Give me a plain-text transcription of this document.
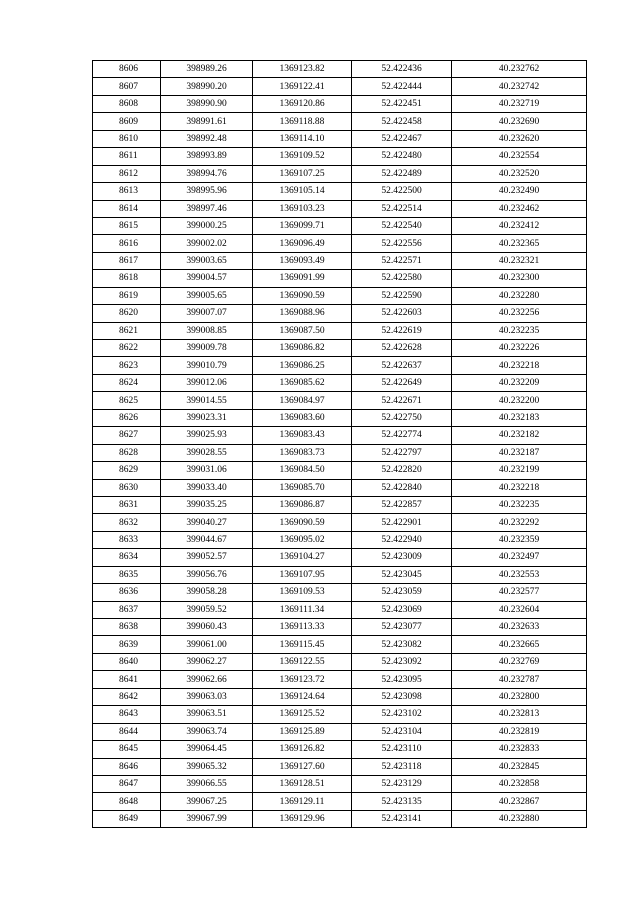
8606	398989.26	1369123.82	52.422436	40.232762
8607	398990.20	1369122.41	52.422444	40.232742
8608	398990.90	1369120.86	52.422451	40.232719
8609	398991.61	1369118.88	52.422458	40.232690
8610	398992.48	1369114.10	52.422467	40.232620
8611	398993.89	1369109.52	52.422480	40.232554
8612	398994.76	1369107.25	52.422489	40.232520
8613	398995.96	1369105.14	52.422500	40.232490
8614	398997.46	1369103.23	52.422514	40.232462
8615	399000.25	1369099.71	52.422540	40.232412
8616	399002.02	1369096.49	52.422556	40.232365
8617	399003.65	1369093.49	52.422571	40.232321
8618	399004.57	1369091.99	52.422580	40.232300
8619	399005.65	1369090.59	52.422590	40.232280
8620	399007.07	1369088.96	52.422603	40.232256
8621	399008.85	1369087.50	52.422619	40.232235
8622	399009.78	1369086.82	52.422628	40.232226
8623	399010.79	1369086.25	52.422637	40.232218
8624	399012.06	1369085.62	52.422649	40.232209
8625	399014.55	1369084.97	52.422671	40.232200
8626	399023.31	1369083.60	52.422750	40.232183
8627	399025.93	1369083.43	52.422774	40.232182
8628	399028.55	1369083.73	52.422797	40.232187
8629	399031.06	1369084.50	52.422820	40.232199
8630	399033.40	1369085.70	52.422840	40.232218
8631	399035.25	1369086.87	52.422857	40.232235
8632	399040.27	1369090.59	52.422901	40.232292
8633	399044.67	1369095.02	52.422940	40.232359
8634	399052.57	1369104.27	52.423009	40.232497
8635	399056.76	1369107.95	52.423045	40.232553
8636	399058.28	1369109.53	52.423059	40.232577
8637	399059.52	1369111.34	52.423069	40.232604
8638	399060.43	1369113.33	52.423077	40.232633
8639	399061.00	1369115.45	52.423082	40.232665
8640	399062.27	1369122.55	52.423092	40.232769
8641	399062.66	1369123.72	52.423095	40.232787
8642	399063.03	1369124.64	52.423098	40.232800
8643	399063.51	1369125.52	52.423102	40.232813
8644	399063.74	1369125.89	52.423104	40.232819
8645	399064.45	1369126.82	52.423110	40.232833
8646	399065.32	1369127.60	52.423118	40.232845
8647	399066.55	1369128.51	52.423129	40.232858
8648	399067.25	1369129.11	52.423135	40.232867
8649	399067.99	1369129.96	52.423141	40.232880
